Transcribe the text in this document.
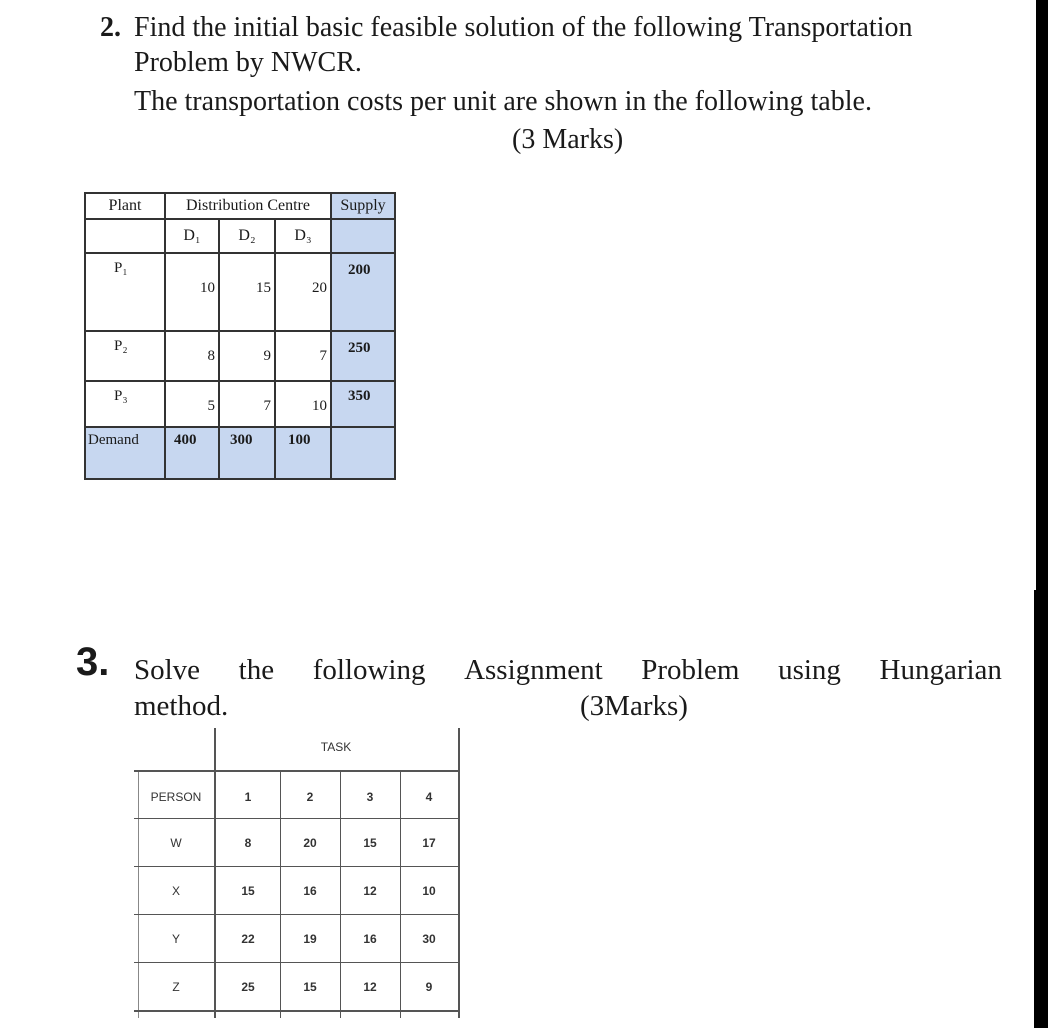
2. Find the initial basic feasible solution of the following Transportation
Problem by NWCR.
The transportation costs per unit are shown in the following table.
(3 Marks)
Plant	Distribution Centre			Supply
	D₁	D₂	D₃	

P₁	10	15	20	200

P₂	8	9	7	250

P₃	5	7	10	350

Demand	400	300	100	
3. Solve the following Assignment Problem using Hungarian
method.	(3Marks)
TASK
PERSON	1	2	3	4
W	8	20	15	17
X	15	16	12	10
Y	22	19	16	30
Z	25	15	12	9
